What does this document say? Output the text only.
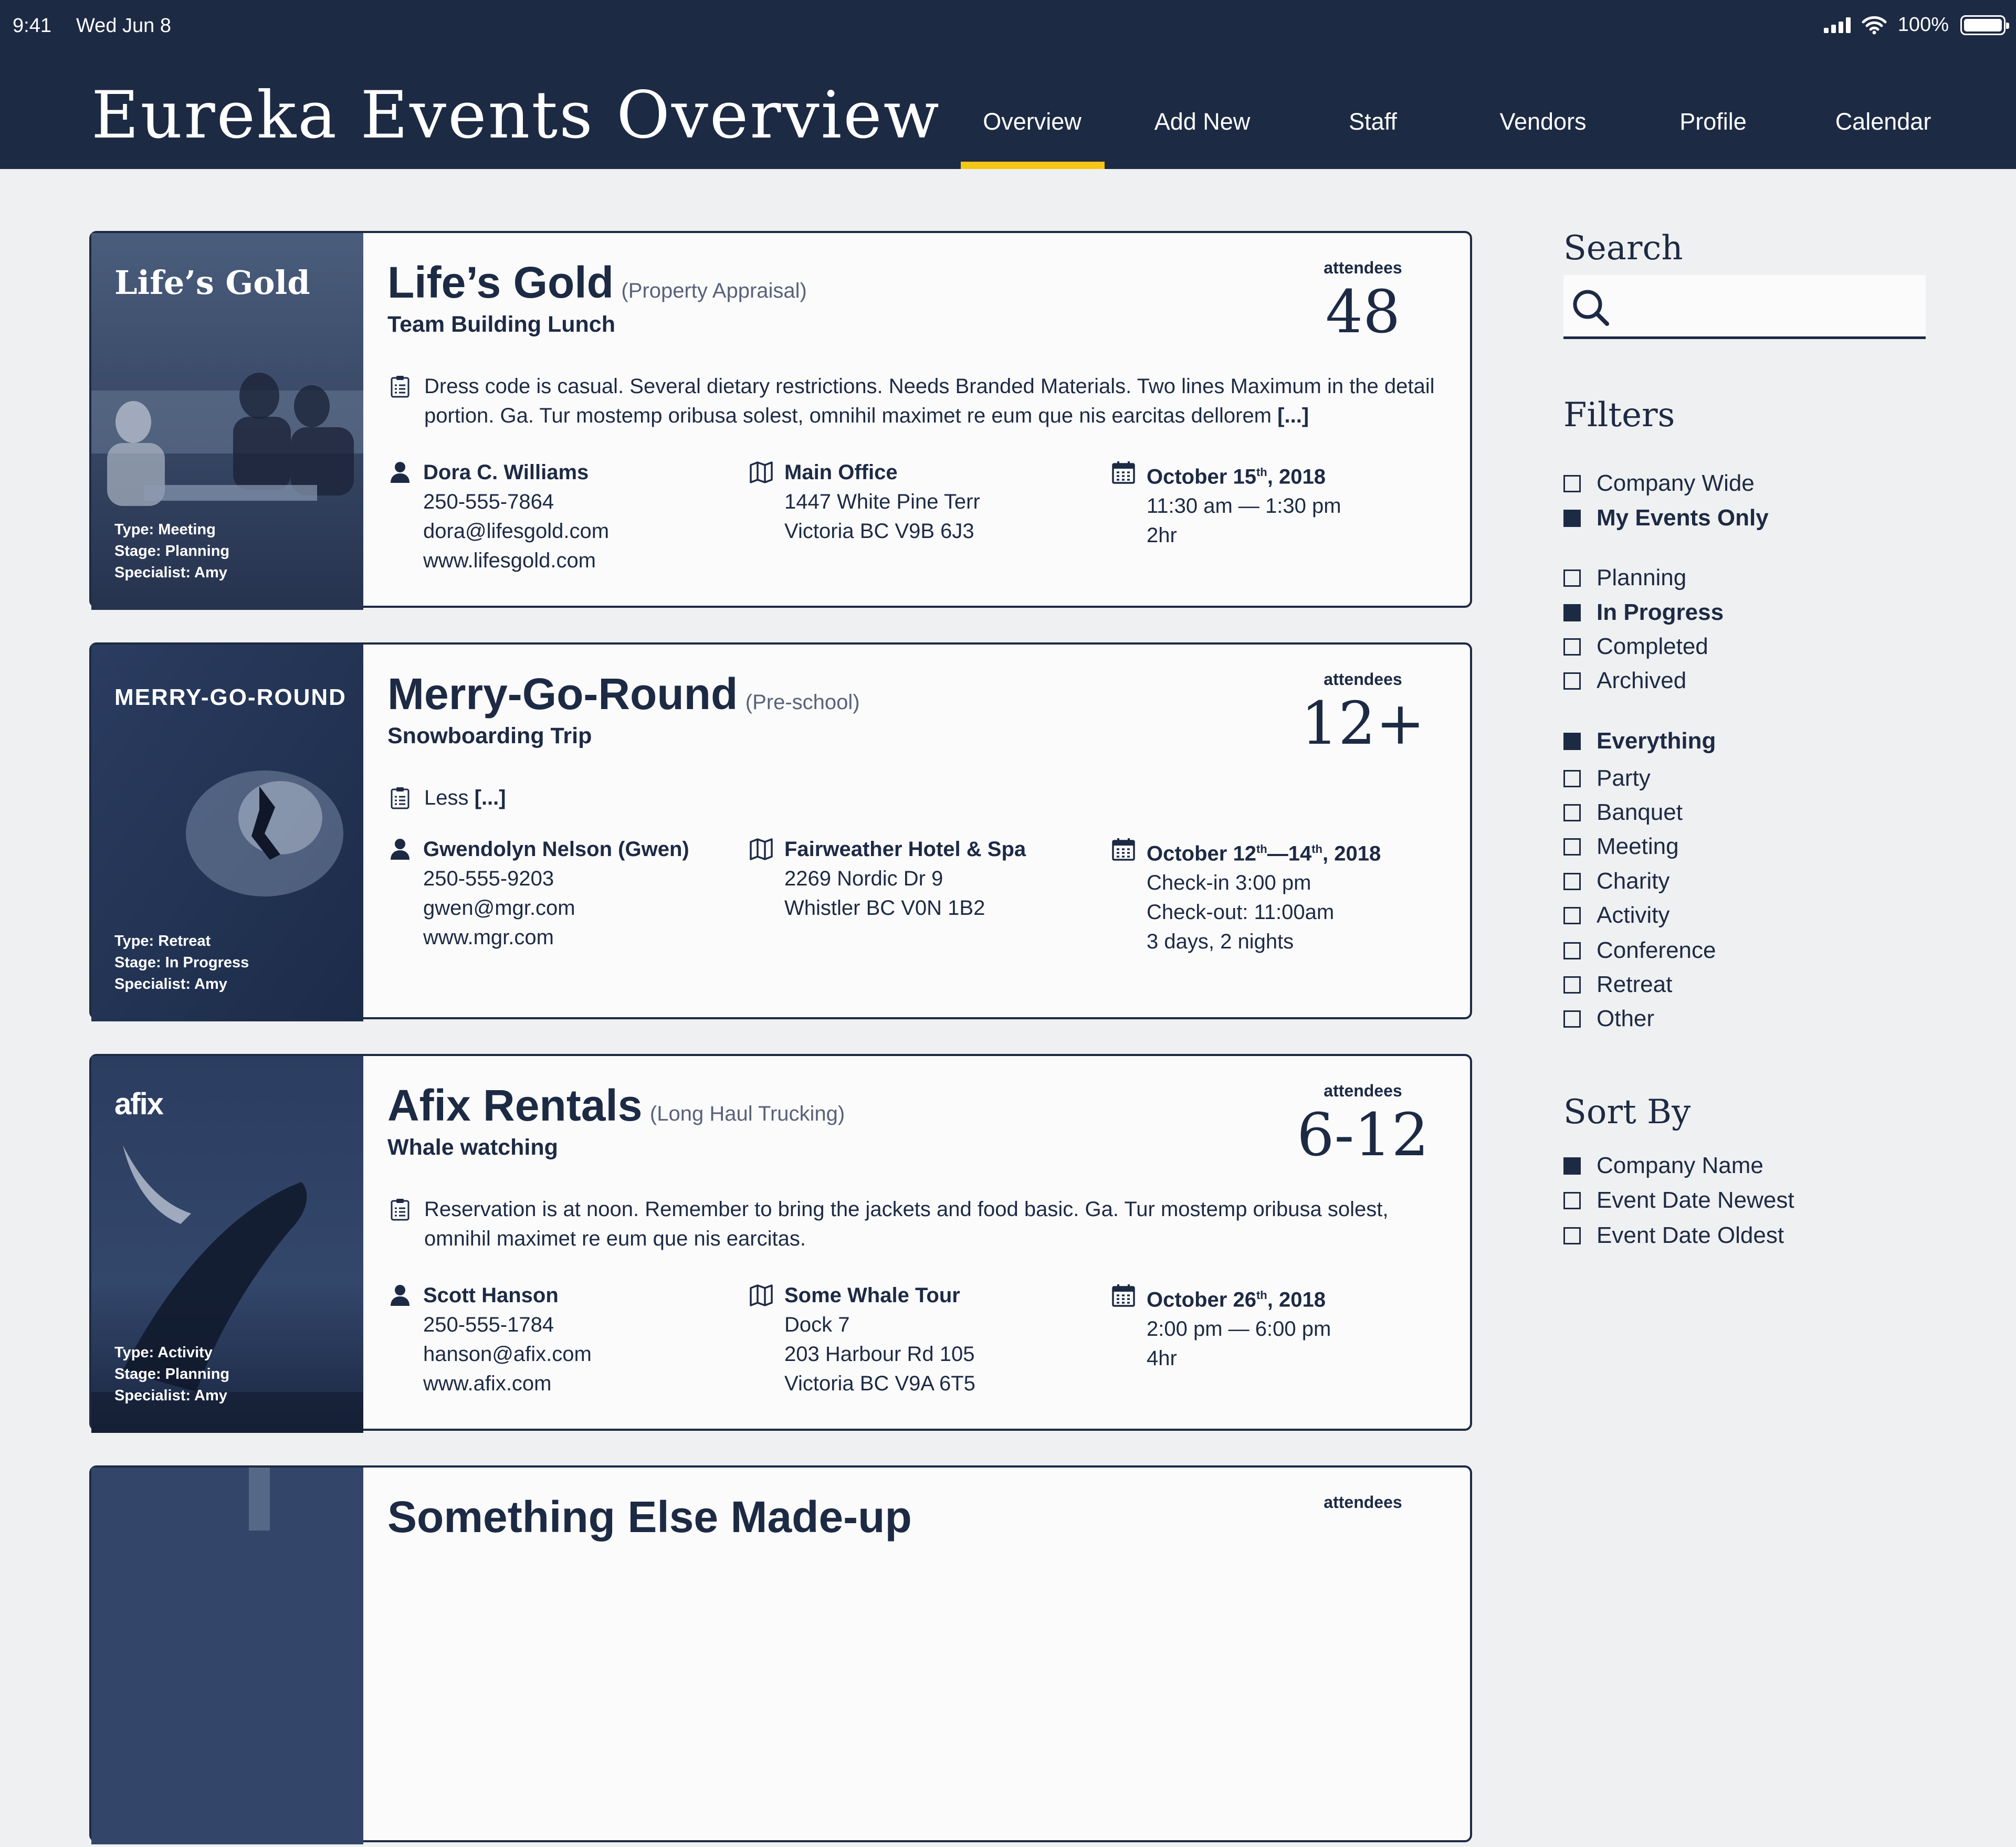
9:41 Wed Jun 8	100%
Eureka Events Overview Overview	Add New	Staff	Vendors	Profile	Calendar
Life’s Gold
Type: Meeting
Stage: Planning
Specialist: Amy
Life’s Gold (Property Appraisal)
Team Building Lunch
attendees
48
Dress code is casual. Several dietary restrictions. Needs Branded Materials. Two lines Maximum in the detail portion. Ga. Tur mostemp oribusa solest, omnihil maximet re eum que nis earcitas dellorem [...]
Dora C. Williams
250-555-7864
dora@lifesgold.com
www.lifesgold.com
Main Office
1447 White Pine Terr
Victoria BC V9B 6J3
October 15th, 2018
11:30 am — 1:30 pm
2hr
MERRY-GO-ROUND
Type: Retreat
Stage: In Progress
Specialist: Amy
Merry-Go-Round (Pre-school)
Snowboarding Trip
attendees
12+
Less [...]
Gwendolyn Nelson (Gwen)
250-555-9203
gwen@mgr.com
www.mgr.com
Fairweather Hotel & Spa
2269 Nordic Dr 9
Whistler BC V0N 1B2
October 12th—14th, 2018
Check-in 3:00 pm
Check-out: 11:00am
3 days, 2 nights
afix
Type: Activity
Stage: Planning
Specialist: Amy
Afix Rentals (Long Haul Trucking)
Whale watching
attendees
6-12
Reservation is at noon. Remember to bring the jackets and food basic. Ga. Tur mostemp oribusa solest, omnihil maximet re eum que nis earcitas.
Scott Hanson
250-555-1784
hanson@afix.com
www.afix.com
Some Whale Tour
Dock 7
203 Harbour Rd 105
Victoria BC V9A 6T5
October 26th, 2018
2:00 pm — 6:00 pm
4hr
Something Else Made-up	attendees
Search
Filters
Company Wide
My Events Only
Planning
In Progress
Completed
Archived
Everything
Party
Banquet
Meeting
Charity
Activity
Conference
Retreat
Other
Sort By
Company Name
Event Date Newest
Event Date Oldest
